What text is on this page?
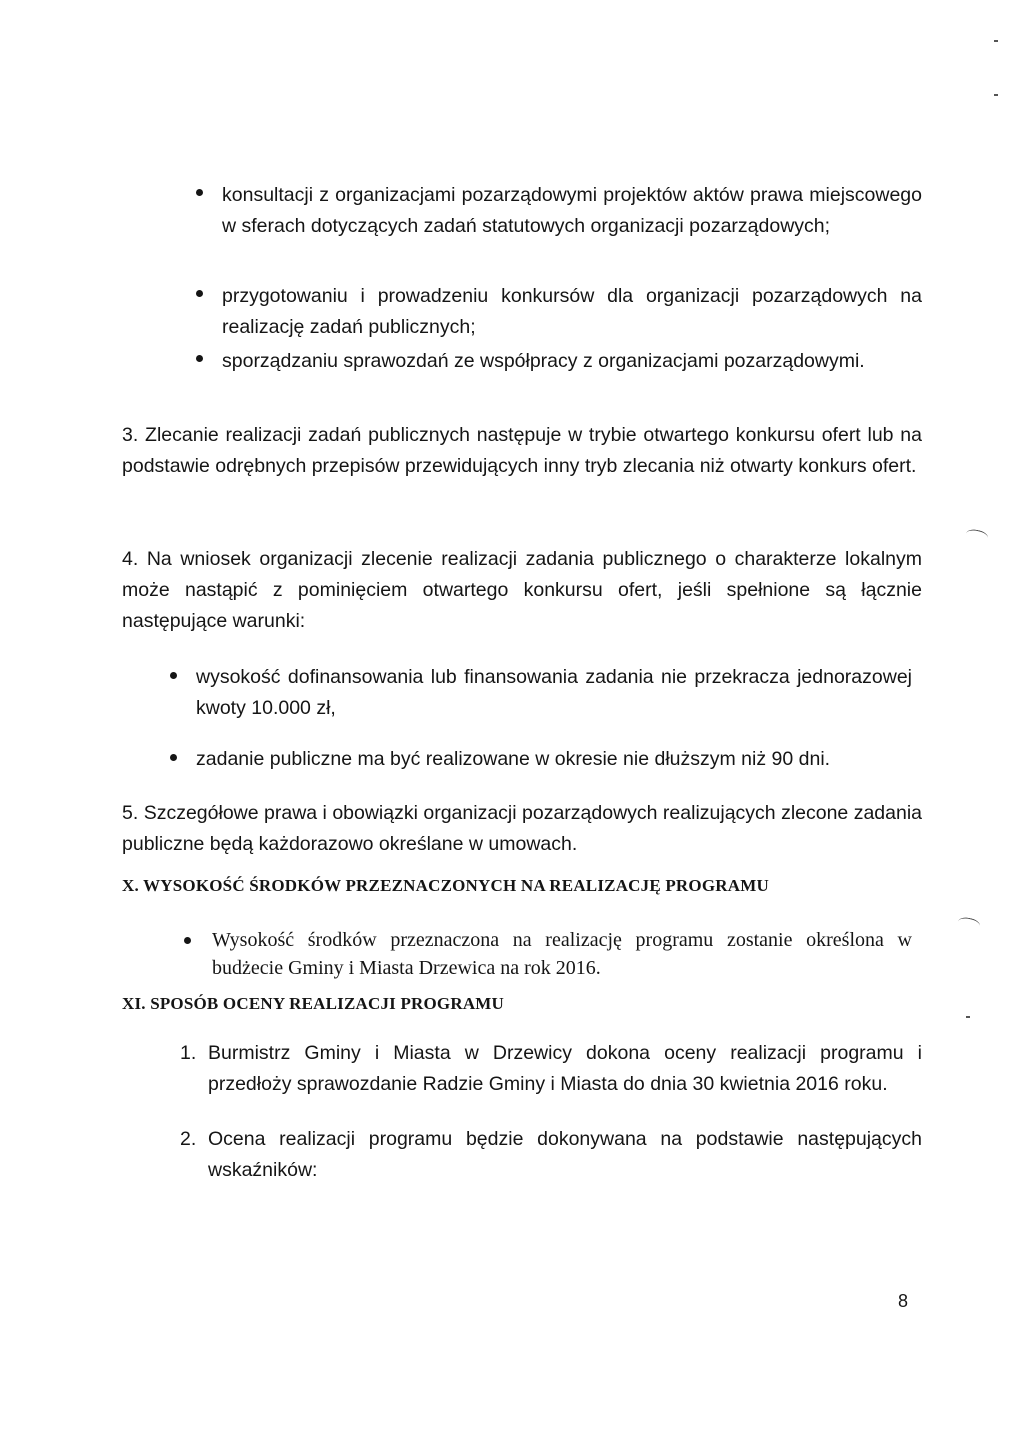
konsultacji z organizacjami pozarządowymi projektów aktów prawa miejscowego w sferach dotyczących zadań statutowych organizacji pozarządowych;
przygotowaniu i prowadzeniu konkursów dla organizacji pozarządowych na realizację zadań publicznych;
sporządzaniu sprawozdań ze współpracy z organizacjami pozarządowymi.
3. Zlecanie realizacji zadań publicznych następuje w trybie otwartego konkursu ofert lub na podstawie odrębnych przepisów przewidujących inny tryb zlecania niż otwarty konkurs ofert.
4. Na wniosek organizacji zlecenie realizacji zadania publicznego o charakterze lokalnym może nastąpić z pominięciem otwartego konkursu ofert, jeśli spełnione są łącznie następujące warunki:
wysokość dofinansowania lub finansowania zadania nie przekracza jednorazowej kwoty 10.000 zł,
zadanie publiczne ma być realizowane w okresie nie dłuższym niż 90 dni.
5. Szczegółowe prawa i obowiązki organizacji pozarządowych realizujących zlecone zadania publiczne będą każdorazowo określane w umowach.
X. WYSOKOŚĆ ŚRODKÓW PRZEZNACZONYCH NA REALIZACJĘ PROGRAMU
Wysokość środków przeznaczona na realizację programu zostanie określona w budżecie Gminy i Miasta Drzewica na rok 2016.
XI. SPOSÓB OCENY REALIZACJI PROGRAMU
1. Burmistrz Gminy i Miasta w Drzewicy dokona oceny realizacji programu i przedłoży sprawozdanie Radzie Gminy i Miasta do dnia 30 kwietnia 2016 roku.
2. Ocena realizacji programu będzie dokonywana na podstawie następujących wskaźników:
8
